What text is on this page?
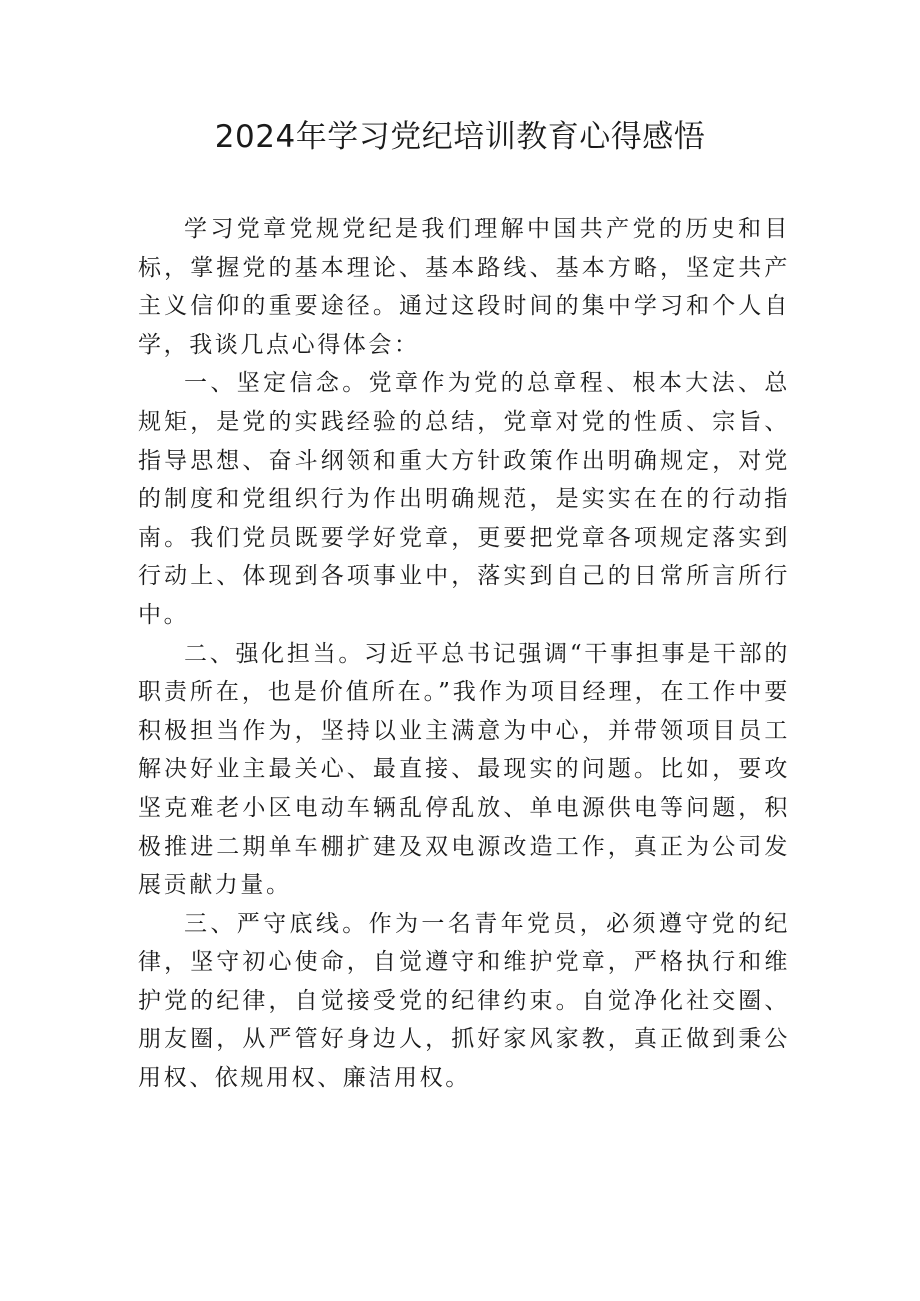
2024年学习党纪培训教育心得感悟

学习党章党规党纪是我们理解中国共产党的历史和目标，掌握党的基本理论、基本路线、基本方略，坚定共产主义信仰的重要途径。通过这段时间的集中学习和个人自学，我谈几点心得体会：

一、坚定信念。党章作为党的总章程、根本大法、总规矩，是党的实践经验的总结，党章对党的性质、宗旨、指导思想、奋斗纲领和重大方针政策作出明确规定，对党的制度和党组织行为作出明确规范，是实实在在的行动指南。我们党员既要学好党章，更要把党章各项规定落实到行动上、体现到各项事业中，落实到自己的日常所言所行中。

二、强化担当。习近平总书记强调“干事担事是干部的职责所在，也是价值所在。”我作为项目经理，在工作中要积极担当作为，坚持以业主满意为中心，并带领项目员工解决好业主最关心、最直接、最现实的问题。比如，要攻坚克难老小区电动车辆乱停乱放、单电源供电等问题，积极推进二期单车棚扩建及双电源改造工作，真正为公司发展贡献力量。

三、严守底线。作为一名青年党员，必须遵守党的纪律，坚守初心使命，自觉遵守和维护党章，严格执行和维护党的纪律，自觉接受党的纪律约束。自觉净化社交圈、朋友圈，从严管好身边人，抓好家风家教，真正做到秉公用权、依规用权、廉洁用权。
